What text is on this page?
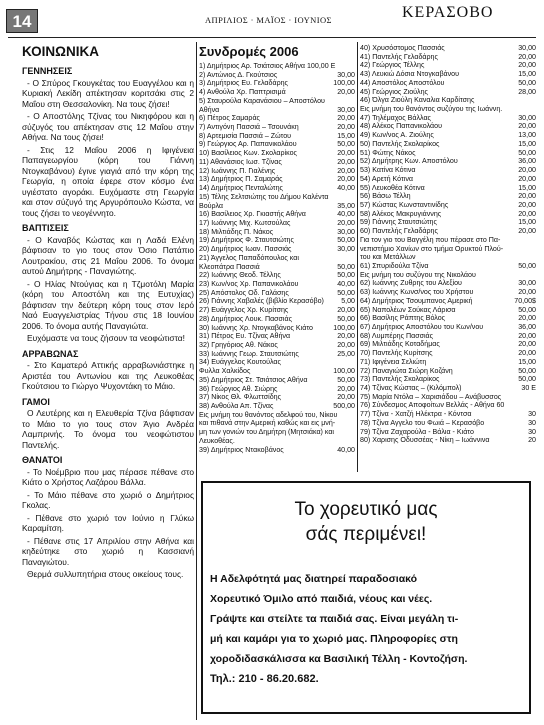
14	ΑΠΡΙΛΙΟΣ · ΜΑΪΟΣ · ΙΟΥΝΙΟΣ	ΚΕΡΑΣΟΒΟ
ΚΟΙΝΩΝΙΚΑ
ΓΕΝΝΗΣΕΙΣ

- Ο Σπύρος Γκουγκέτας του Ευαγγέλου και η Κυριακή Λεκίδη απέκτησαν κοριτσάκι στις 2 Μαΐου στη Θεσσαλονίκη. Να τους ζήσει!

- Ο Αποστόλης Τζίνας του Νικηφόρου και η σύζυγός του απέκτησαν στις 12 Μαΐου στην Αθήνα. Να τους ζήσει!

- Στις 12 Μαΐου 2006 η Ιφιγένεια Παπαγεωργίου (κόρη του Γιάννη Ντογκαβάνου) έγινε γιαγιά από την κόρη της Γεωργία, η οποία έφερε στον κόσμο ένα υγιέστατο αγοράκι. Ευχόμαστε στη Γεωργία και στον σύζυγό της Αργυρόπουλο Κώστα, να τους ζήσει το νεογέννητο.

ΒΑΠΤΙΣΕΙΣ

- Ο Καναβός Κώστας και η Λαδά Ελένη βάφτισαν το γιο τους στον Όσιο Πατάπιο Λουτρακίου, στις 21 Μαΐου 2006. Το όνομα αυτού Δημήτρης - Παναγιώτης.

- Ο Ηλίας Ντούγιας και η Τζμοτόλη Μαρία (κόρη του Αποστόλη και της Ευτυχίας) βάφτισαν την δεύτερη κόρη τους στον Ιερό Ναό Ευαγγελιστρίας Τήνου στις 18 Ιουνίου 2006. Το όνομα αυτής Παναγιώτα.

Ευχόμαστε να τους ζήσουν τα νεοφώτιστα!

ΑΡΡΑΒΩΝΑΣ

- Στο Καματερό Αττικής αρραβωνιάστηκε η Αριστέα του Αντωνίου και της Λευκοθέας Γκούτσιου το Γιώργο Ψυχοντάκη το Μάιο.

ΓΑΜΟΙ

Ο Λευτέρης και η Ελευθερία Τζίνα βάφτισαν το Μάιο το γιο τους στον Άγιο Ανδρέα Λαμπρινής. Το όνομα του νεοφώτιστου Παντελής.

ΘΑΝΑΤΟΙ

- Το Νοέμβριο που μας πέρασε πέθανε στο Κιάτο ο Χρήστος Λαζάρου Βάλλα.

- Το Μάιο πέθανε στο χωριό ο Δημήτριος Γκολας.

- Πέθανε στο χωριό τον Ιούνιο η Γλύκω Καραμίτση.

- Πέθανε στις 17 Απριλίου στην Αθήνα και κηδεύτηκε στο χωριό η Κασσιανή Παναγιώτου.

Θερμά συλλυπητήρια στους οικείους τους.

Συνδρομές 2006
1) Δημήτριος Αρ. Τσιάτσιος Αθήνα 100,00 Ε
2) Αντώνιος Δ. Γκούτσιος	30,00
3) Δημήτριος Ευ. Γελαδάρης	100,00
4) Ανθούλα Χρ. Παπτρισιμά	20,00
5) Σταυρούλα Καρανάσιου – Αποστόλου
Αθήνα	30,00
6) Πέτρος Σαμαράς	20,00
7) Αντιγόνη Πασσιά – Τσουνάκη	20,00
8) Αρτεμισία Πασσιά – Ζώτου	15,00
9) Γεώργιος Αρ. Παπανικολάου	50,00
10) Βασίλειος Κων. Σκολαρίκος	20,00
11) Αθανάσιος Ιωσ. Τζίνας	20,00
12) Ιωάννης Π. Γιαλένης	20,00
13) Δημήτριος Π. Σαμαράς	20,00
14) Δημήτριος Πενταλώτης	40,00
15) Τέλης Σελτσιώτης του Δήμου Καλέντα
Βούρλα	35,00
16) Βασίλειος Χρ. Γκιαστής Αθήνα	40,00
17) Ιωάννης Μιχ. Κωτσούλας	20,00
18) Μιλτιάδης Π. Νάκος	30,00
19) Δημήτριος Φ. Σταυτσιώτης	50,00
20) Δημήτριος Ιωαν. Πασσιάς	30,00
21) Άγγελος Παπαδόπουλος και
Κλεοπάτρα Πασσιά	50,00
22) Ιωάννης Θεοδ. Τέλλης	50,00
23) Κων/νος Χρ. Παπανικολάου	40,00
25) Απόστολος Οδ. Γαλάσης	50,00
26) Γιάννης Χαβαλές (βιβλίο Κερασόβο)	5,00
27) Ευάγγελος Χρ. Κυρίτσης	20,00
28) Δημήτριος Λουκ. Πασσιάς	50,00
30) Ιωάννης Χρ. Ντογκαβάνος Κιάτο	100,00
31) Πέτρος Ευ. Τζίνας Αθήνα	20,00
32) Γρηγόριος Αθ. Νάκος	20,00
33) Ιωάννης Γεωρ. Σταυτσιώτης	25,00
34) Ευάγγελος Κουτούλας
Φυλλα Χαλκίδος	100,00
35) Δημήτριος Στ. Τσιάτσιος Αθήνα	50,00
36) Γεώργιος Αθ. Σιώρης	20,00
37) Νίκος Θλ. Φλωττσίδης	20,00
38) Ανθούλα Απ. Τζίνας	500,00
Εις μνήμη του θανόντος αδελφού του, Νίκου
και πιθανά στην Αμερική καθώς και εις μνή-
μη των γονιών του Δημήτρη (Μητσιάκα) και
Λευκοθέας.
39) Δημήτριος Ντακοβάνος	40,00
40) Χρυσόστομος Πασσιάς	30,00
41) Παντελής Γελαδάρης	20,00
42) Γεώργιος Τέλλης	20,00
43) Λευκιώ Δόσια Ντογκαβάνου	15,00
44) Αποστόλος Αποστόλου	50,00
45) Γεώργιος Ζιούλης	28,00
46) Όλγα Ζιούλη Καναλια Καρδίτσης
Εις μνήμη του θανόντος συζύγου της Ιωάννη.
47) Τηλέμαχος Βάλλας	30,00
48) Αλέκος Παπανικολάου	20,00
49) Κων/νος Α. Ζιούλης	13,00
50) Παντελής Σκολαρίκος	15,00
51) Φώτης Νάκος	50,00
52) Δημήτρης Κων. Αποστόλου	36,00
53) Κατίνα Κότινα	20,00
54) Αρετή Κότινα	20,00
55) Λευκοθέα Κότινα	15,00
56) Βάσω Τέλλη	20,00
57) Κώστας Κωνσταντινίδης	20,00
58) Αλέκος Μακρυγιάννης	20,00
59) Γιάννης Σταυτσιώτης	15,00
60) Παντελής Γελαδάρης	20,00
Για τον γιο του Βαγγέλη που πέρασε στο Πα-
νεπιστήμιο Χανίων στο τμήμα Ορυκτού Πλού-
του και Μετάλλων
61) Σπυριδούλα Τζίνα	50,00
Εις μνήμη του συζύγου της Νικολάου
62) Ιωάννης Ζυθρης του Αλεξίου	30,00
63) Ιωάννης Κωνσ/νος του Χρήστου	20,00
64) Δημήτριος Τσουμπανος Αμερική	70,00$
65) Ναπολέων Σούκας Λάρισα	50,00
66) Βασίλης Ράπτης Βόλος	20,00
67) Δημήτριος Αποστόλου του Κων/νου	36,00
68) Λυμπέρης Πασσιάς	20,00
69) Μιλτιάδης Κοταδήμας	20,00
70) Παντελής Κυρίτσης	20,00
71) Ιφιγένεια Σελιώτη	15,00
72) Παναγιώτα Σιώρη Κοζάνη	50,00
73) Παντελής Σκολαρίκος	50,00
74) Τζίνας Κώστας – (Κιλόμπολ)	30 Ε
75) Μαρία Ντόλα – Χαρισιάδου – Ανάβυσσος
76) Σύνδεσμος Αποφοίτων Βελλάς - Αθήνα 60
77) Τζίνα - Χατζή Ηλέκτρα - Κόντσα	30
78) Τζίνα Αγγελο του Φωιά – Κερασόβο	30
79) Τζίνα Ζαχαρούλα - Βάλια - Κιάτο	30
80) Χαρισης Οδυσσέας - Νίκη – Ιωάννινα	20
Το χορευτικό μας
σάς περιμένει!
Η Αδελφότητά μας διατηρεί παραδοσιακό
Χορευτικό Όμιλο από παιδιά, νέους και νέες.
Γράψτε και στείλτε τα παιδιά σας. Είναι μεγάλη τι-
μή και καμάρι για το χωριό μας. Πληροφορίες στη
χοροδιδασκάλισσα κα Βασιλική Τέλλη - Κοντοζήση.
Τηλ.: 210 - 86.20.682.
